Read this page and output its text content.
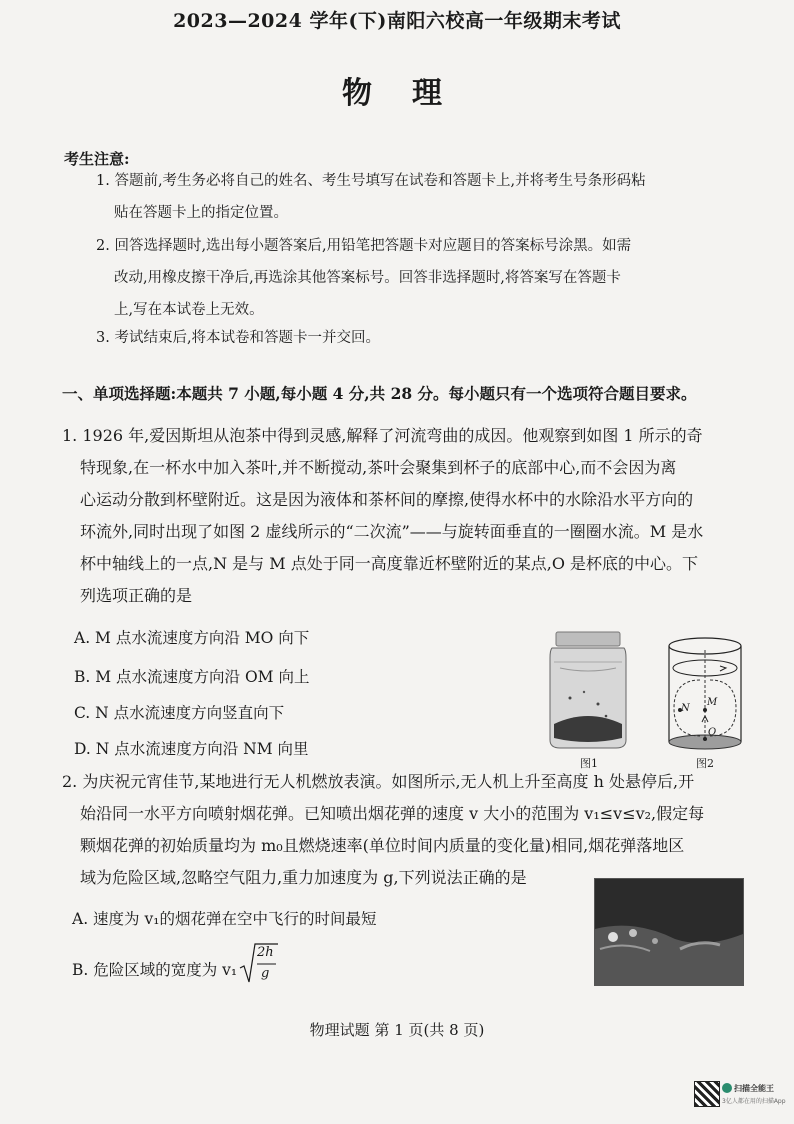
2023—2024 学年(下)南阳六校高一年级期末考试
物理
考生注意:
1. 答题前,考生务必将自己的姓名、考生号填写在试卷和答题卡上,并将考生号条形码粘
贴在答题卡上的指定位置。
2. 回答选择题时,选出每小题答案后,用铅笔把答题卡对应题目的答案标号涂黑。如需
改动,用橡皮擦干净后,再选涂其他答案标号。回答非选择题时,将答案写在答题卡
上,写在本试卷上无效。
3. 考试结束后,将本试卷和答题卡一并交回。
一、单项选择题:本题共 7 小题,每小题 4 分,共 28 分。每小题只有一个选项符合题目要求。
1. 1926 年,爱因斯坦从泡茶中得到灵感,解释了河流弯曲的成因。他观察到如图 1 所示的奇
特现象,在一杯水中加入茶叶,并不断搅动,茶叶会聚集到杯子的底部中心,而不会因为离
心运动分散到杯壁附近。这是因为液体和茶杯间的摩擦,使得水杯中的水除沿水平方向的
环流外,同时出现了如图 2 虚线所示的“二次流”——与旋转面垂直的一圈圈水流。M 是水
杯中轴线上的一点,N 是与 M 点处于同一高度靠近杯壁附近的某点,O 是杯底的中心。下
列选项正确的是
A. M 点水流速度方向沿 MO 向下
B. M 点水流速度方向沿 OM 向上
C. N 点水流速度方向竖直向下
D. N 点水流速度方向沿 NM 向里
图1
N
M
O
图2
2. 为庆祝元宵佳节,某地进行无人机燃放表演。如图所示,无人机上升至高度 h 处悬停后,开
始沿同一水平方向喷射烟花弹。已知喷出烟花弹的速度 v 大小的范围为 v₁≤v≤v₂,假定每
颗烟花弹的初始质量均为 m₀且燃烧速率(单位时间内质量的变化量)相同,烟花弹落地区
域为危险区域,忽略空气阻力,重力加速度为 g,下列说法正确的是
A. 速度为 v₁的烟花弹在空中飞行的时间最短
B. 危险区域的宽度为 v₁
2h
g
物理试题 第 1 页(共 8 页)
扫描全能王
3亿人都在用的扫描App
